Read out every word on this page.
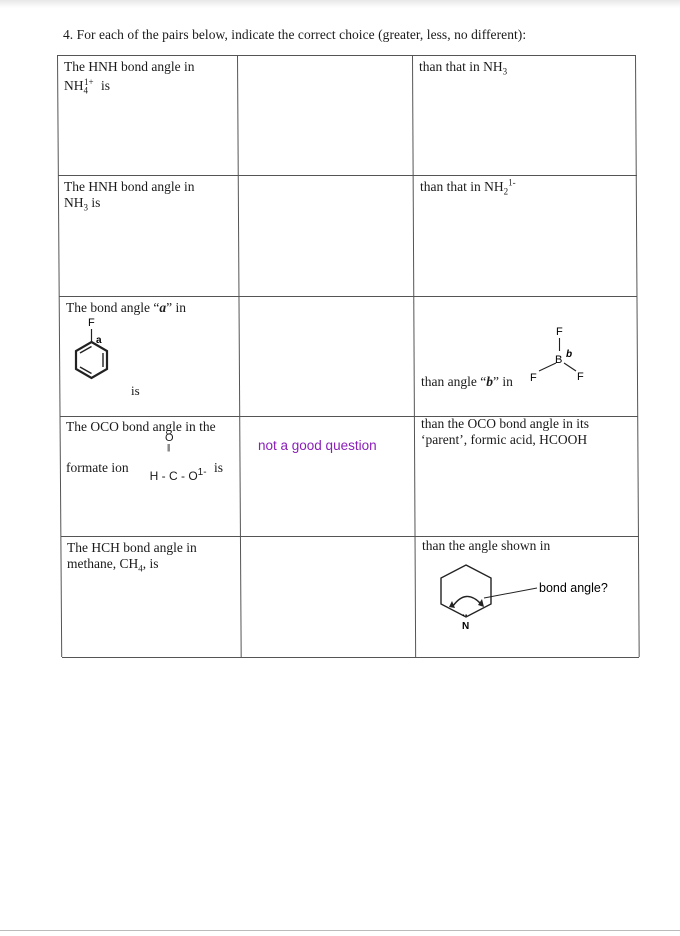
4. For each of the pairs below, indicate the correct choice (greater, less, no different):
The HNH bond angle in
$NH_4^{1+}$ is
than that in $NH_3$
The HNH bond angle in
$NH_3$ is
than that in $NH_2^{1-}$
The bond angle “a” in
F
a
is
than angle “b” in
F
B b
F	F
The OCO bond angle in the
formate ion
O
||

H - C - $O^{1-}$ is
not a good question
than the OCO bond angle in its
‘parent’, formic acid, HCOOH
The HCH bond angle in
methane, $CH_4$, is
than the angle shown in
..
N
bond angle?
